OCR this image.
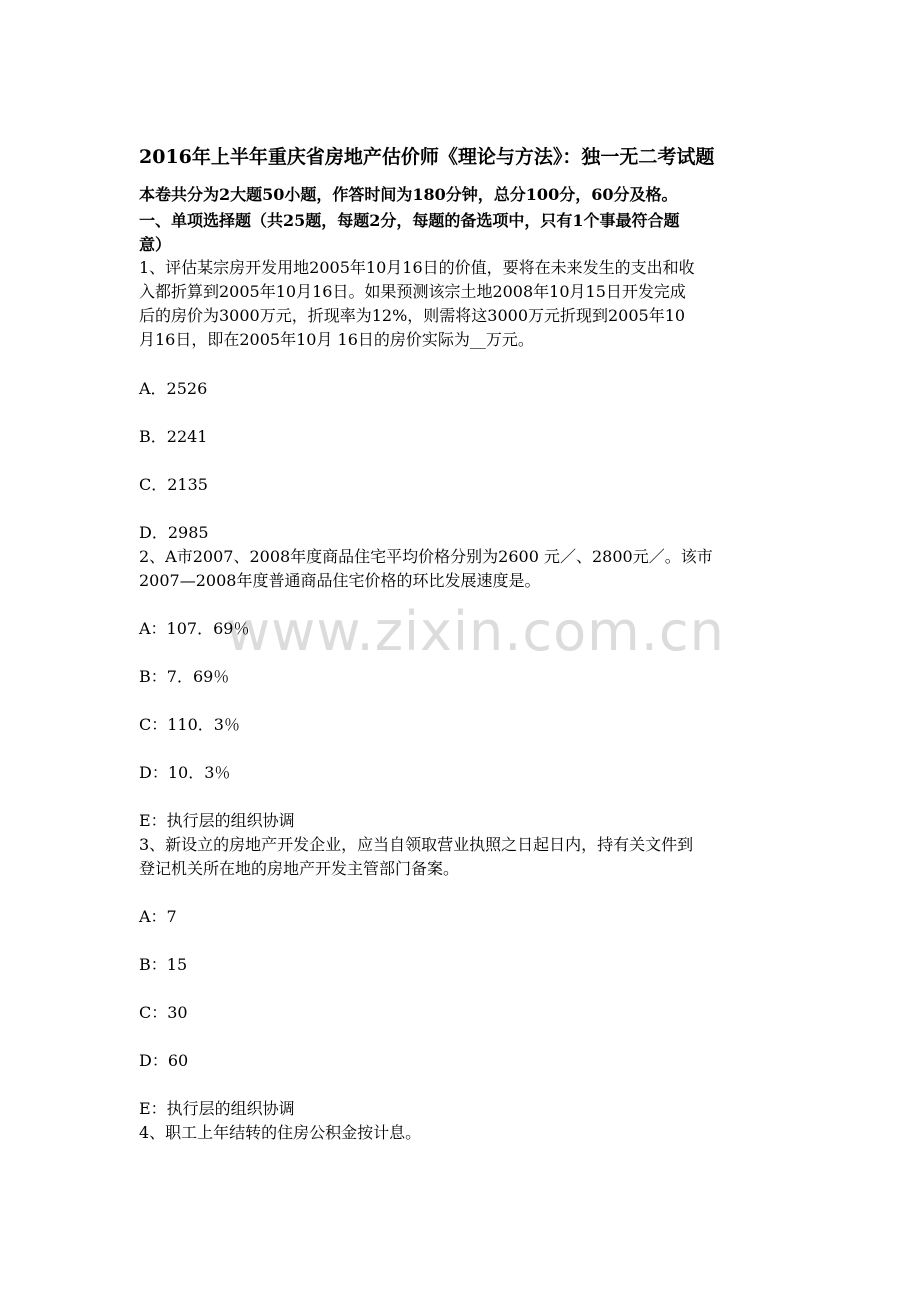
www.zixin.com.cn
2016年上半年重庆省房地产估价师《理论与方法》：独一无二考试题
本卷共分为2大题50小题，作答时间为180分钟，总分100分，60分及格。
一、单项选择题（共25题，每题2分，每题的备选项中，只有1个事最符合题
意）
1、评估某宗房开发用地2005年10月16日的价值，要将在未来发生的支出和收
入都折算到2005年10月16日。如果预测该宗土地2008年10月15日开发完成
后的房价为3000万元，折现率为12%，则需将这3000万元折现到2005年10
月16日，即在2005年10月 16日的房价实际为__万元。
A．2526
B．2241
C．2135
D．2985
2、A市2007、2008年度商品住宅平均价格分别为2600 元／、2800元／。该市
2007—2008年度普通商品住宅价格的环比发展速度是。
A：107．69％
B：7．69％
C：110．3％
D：10．3％
E：执行层的组织协调
3、新设立的房地产开发企业，应当自领取营业执照之日起日内，持有关文件到
登记机关所在地的房地产开发主管部门备案。
A：7
B：15
C：30
D：60
E：执行层的组织协调
4、职工上年结转的住房公积金按计息。
